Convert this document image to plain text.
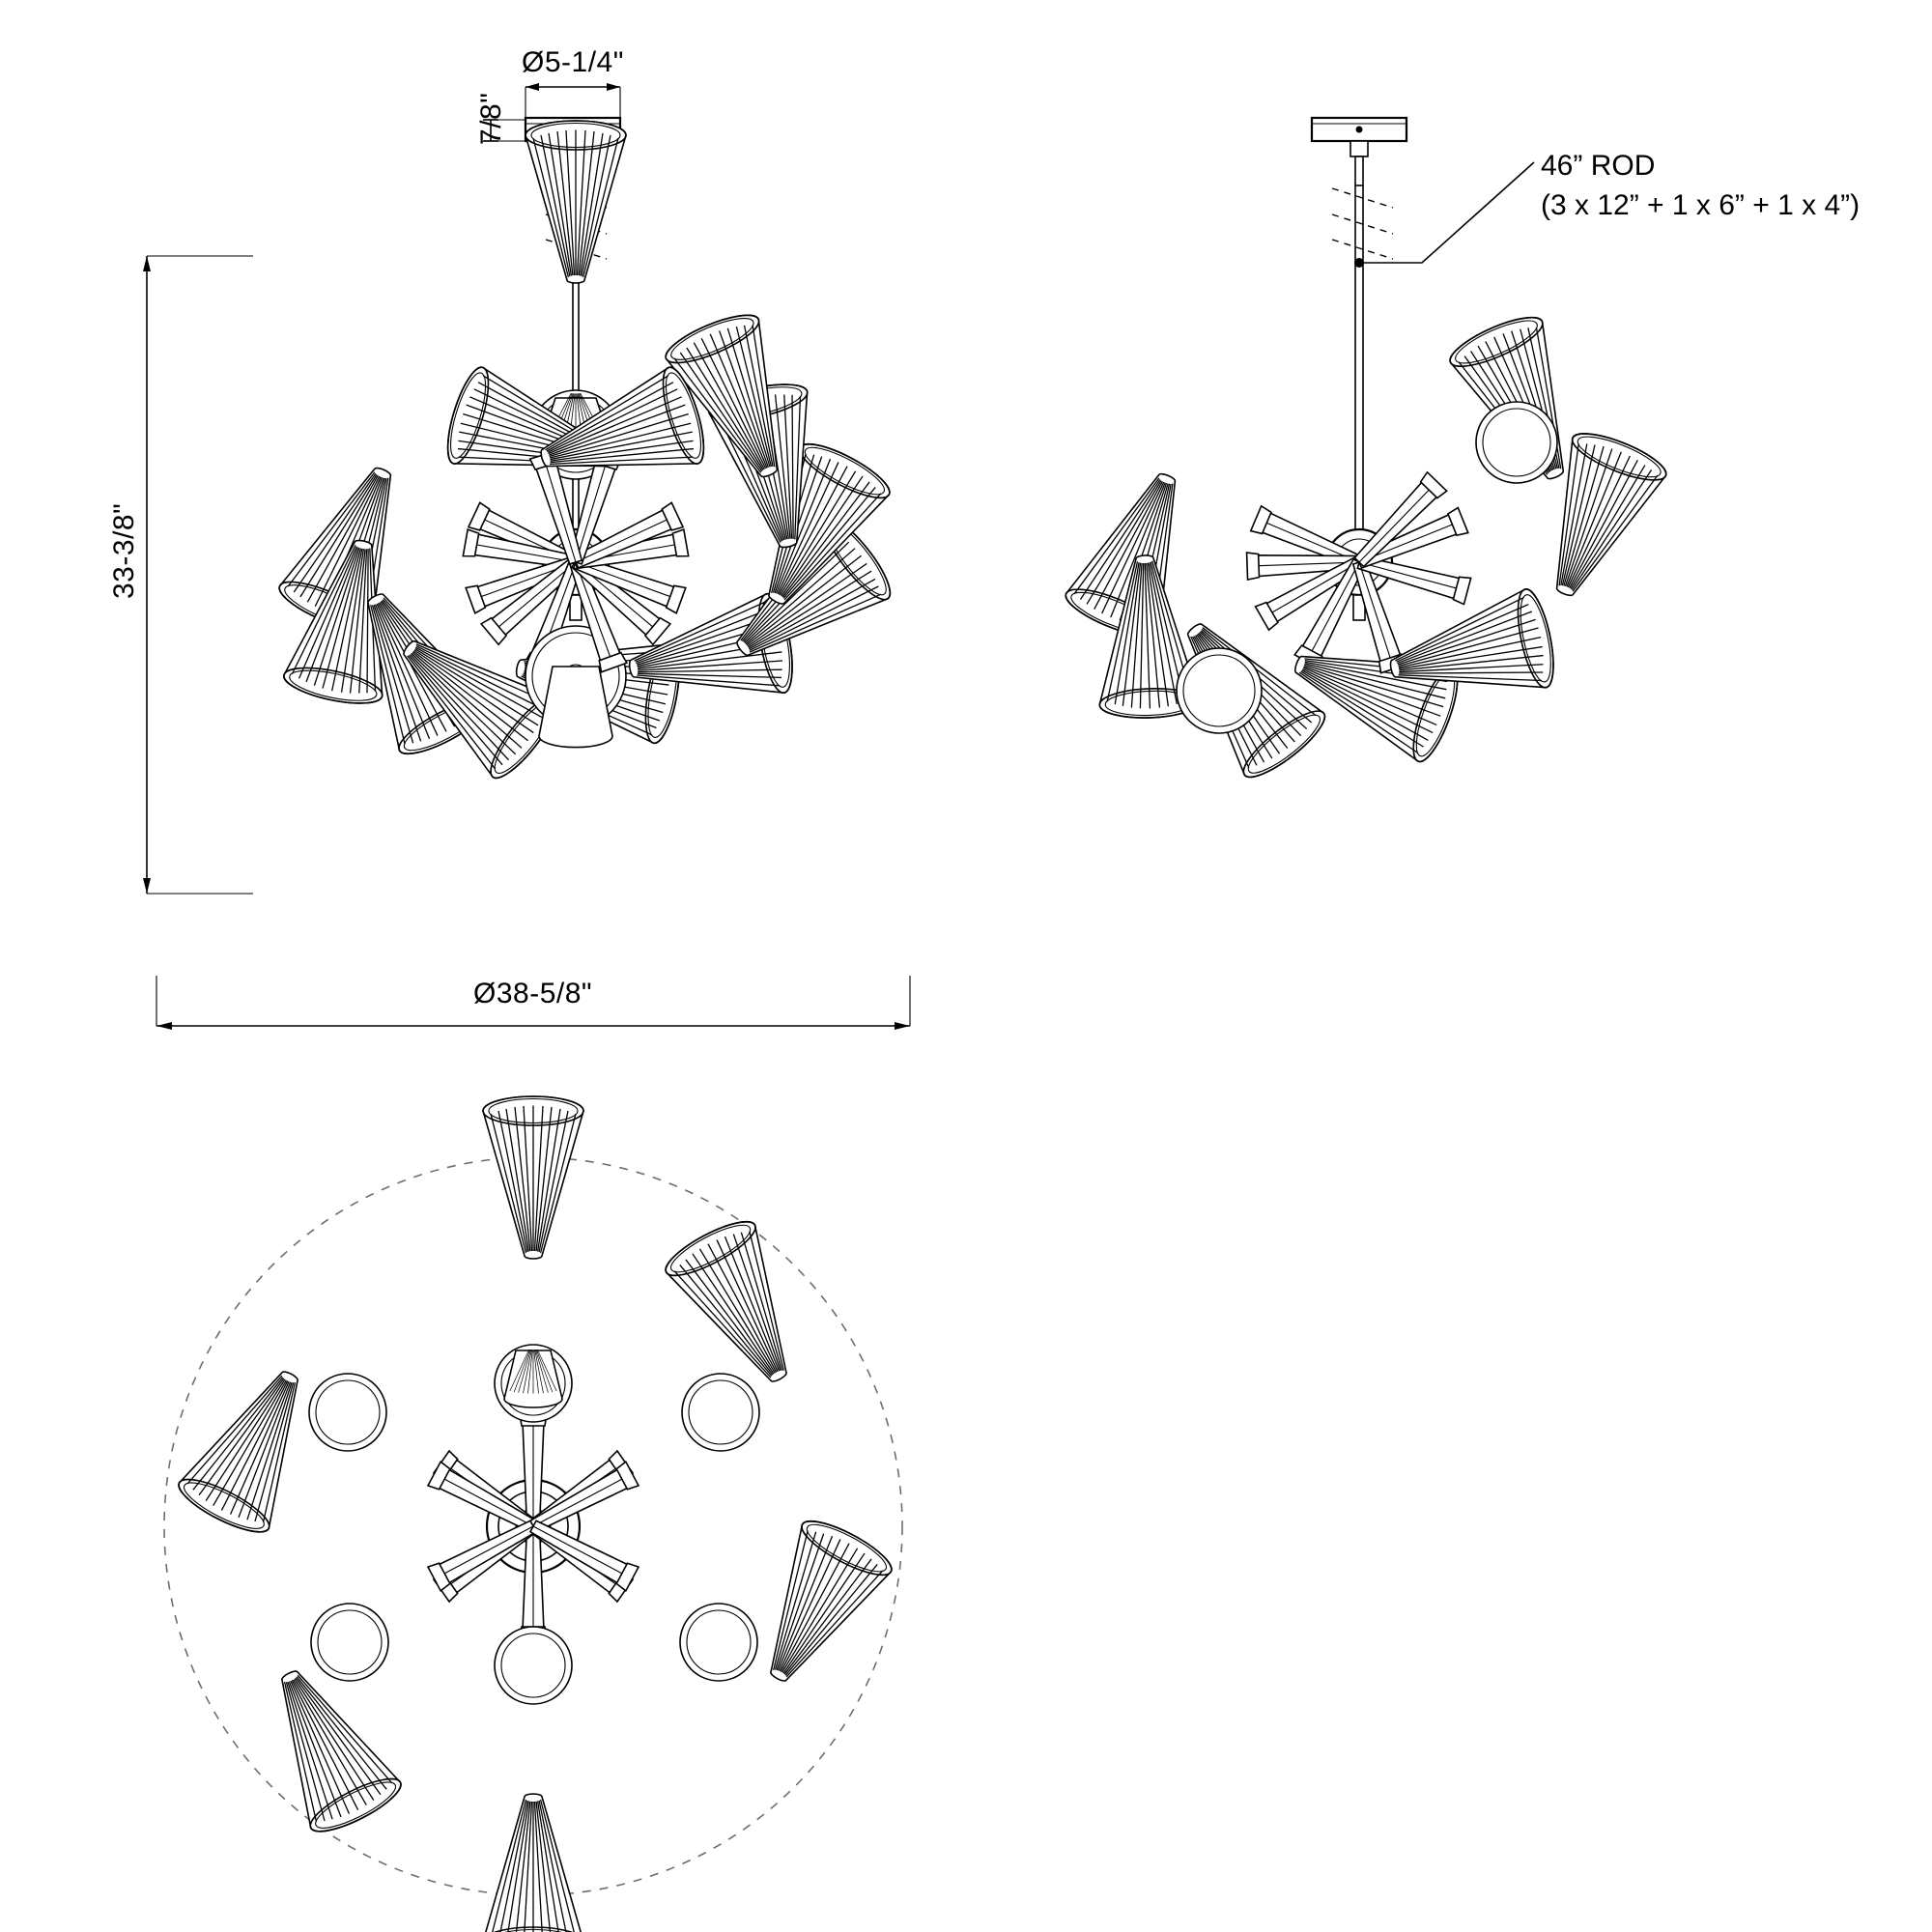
Ø5-1/4"
7/8"
33-3/8"
Ø38-5/8"
46” ROD
(3 x 12” + 1 x 6” + 1 x 4”)
